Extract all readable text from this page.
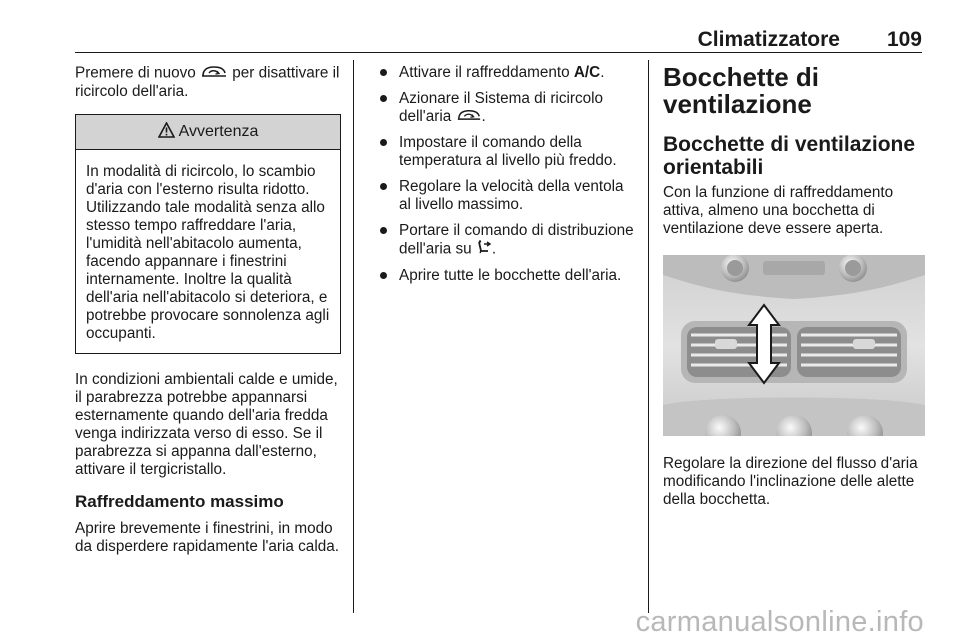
Climatizzatore 109

Premere di nuovo  per disattivare il ricircolo dell'aria.

Avvertenza
In modalità di ricircolo, lo scambio d'aria con l'esterno risulta ridotto. Utilizzando tale modalità senza allo stesso tempo raffreddare l'aria, l'umidità nell'abitacolo aumenta, facendo appannare i finestrini internamente. Inoltre la qualità dell'aria nell'abitacolo si deteriora, e potrebbe provocare sonnolenza agli occupanti.

In condizioni ambientali calde e umide, il parabrezza potrebbe appannarsi esternamente quando dell'aria fredda venga indirizzata verso di esso. Se il parabrezza si appanna dall'esterno, attivare il tergicristallo.

Raffreddamento massimo

Aprire brevemente i finestrini, in modo da disperdere rapidamente l'aria calda.

Attivare il raffreddamento A/C.
Azionare il Sistema di ricircolo dell'aria .
Impostare il comando della temperatura al livello più freddo.
Regolare la velocità della ventola al livello massimo.
Portare il comando di distribuzione dell'aria su .
Aprire tutte le bocchette dell'aria.
Bocchette di ventilazione
Bocchette di ventilazione orientabili

Con la funzione di raffreddamento attiva, almeno una bocchetta di ventilazione deve essere aperta.

Regolare la direzione del flusso d'aria modificando l'inclinazione delle alette della bocchetta.

carmanualsonline.info
